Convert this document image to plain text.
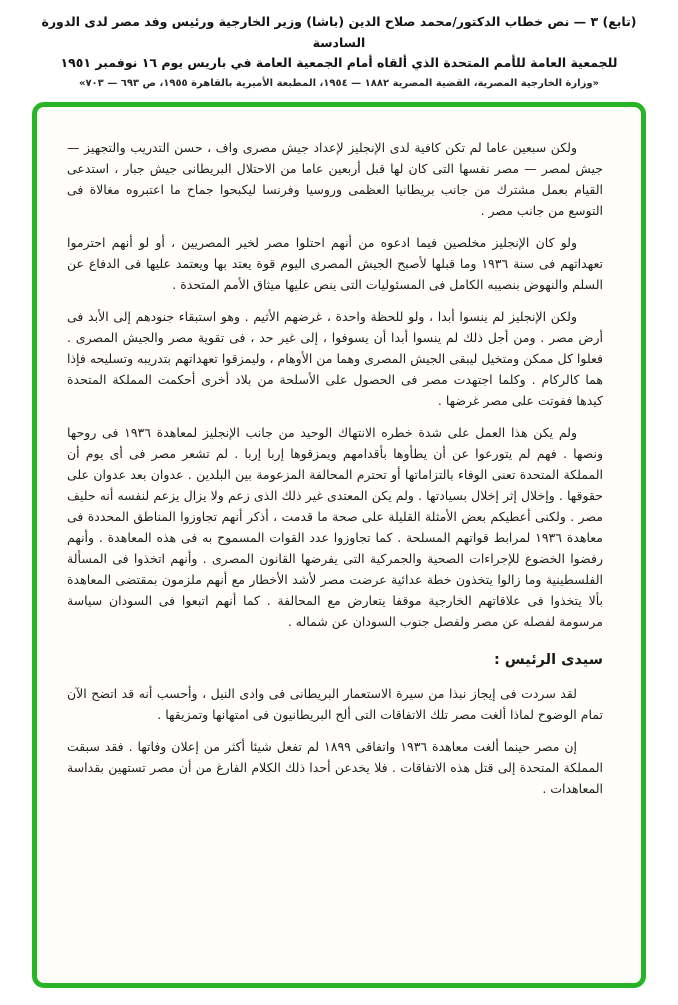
(تابع) ٣ — نص خطاب الدكتور/محمد صلاح الدين (باشا) وزير الخارجية ورئيس وفد مصر لدى الدورة السادسة
للجمعية العامة للأمم المتحدة الذي ألقاه أمام الجمعية العامة في باريس يوم ١٦ نوفمبر ١٩٥١
«وزارة الخارجية المصرية، القضية المصرية ١٨٨٢ — ١٩٥٤، المطبعة الأميرية بالقاهرة ١٩٥٥، ص ٦٩٣ — ٧٠٣»

ولكن سبعين عاما لم تكن كافية لدى الإنجليز لإعداد جيش مصرى واف ، حسن التدريب والتجهيز — جيش لمصر — مصر نفسها التى كان لها قبل أربعين عاما من الاحتلال البريطانى جيش جبار ، استدعى القيام بعمل مشترك من جانب بريطانيا العظمى وروسيا وفرنسا ليكبحوا جماح ما اعتبروه مغالاة فى التوسع من جانب مصر .

ولو كان الإنجليز مخلصين فيما ادعوه من أنهم احتلوا مصر لخير المصريين ، أو لو أنهم احترموا تعهداتهم فى سنة ١٩٣٦ وما قبلها لأصبح الجيش المصرى اليوم قوة يعتد بها ويعتمد عليها فى الدفاع عن السلم والنهوض بنصيبه الكامل فى المسئوليات التى ينص عليها ميثاق الأمم المتحدة .

ولكن الإنجليز لم ينسوا أبدا ، ولو للحظة واحدة ، غرضهم الأثيم . وهو استبقاء جنودهم إلى الأبد فى أرض مصر . ومن أجل ذلك لم ينسوا أبدا أن يسوفوا ، إلى غير حد ، فى تقوية مصر والجيش المصرى . فعلوا كل ممكن ومتخيل ليبقى الجيش المصرى وهما من الأوهام ، وليمزقوا تعهداتهم بتدريبه وتسليحه فإذا هما كالركام . وكلما اجتهدت مصر فى الحصول على الأسلحة من بلاد أخرى أحكمت المملكة المتحدة كيدها ففوتت على مصر غرضها .

ولم يكن هذا العمل على شدة خطره الانتهاك الوحيد من جانب الإنجليز لمعاهدة ١٩٣٦ فى روحها ونصها . فهم لم يتورعوا عن أن يطأوها بأقدامهم ويمزقوها إربا إربا . لم تشعر مصر فى أى يوم أن المملكة المتحدة تعنى الوفاء بالتزاماتها أو تحترم المحالفة المزعومة بين البلدين . عدوان بعد عدوان على حقوقها . وإخلال إثر إخلال بسيادتها . ولم يكن المعتدى غير ذلك الذى زعم ولا يزال يزعم لنفسه أنه حليف مصر . ولكنى أعطيكم بعض الأمثلة القليلة على صحة ما قدمت ، أذكر أنهم تجاوزوا المناطق المحددة فى معاهدة ١٩٣٦ لمرابط قواتهم المسلحة . كما تجاوزوا عدد القوات المسموح به فى هذه المعاهدة . وأنهم رفضوا الخضوع للإجراءات الصحية والجمركية التى يفرضها القانون المصرى . وأنهم اتخذوا فى المسألة الفلسطينية وما زالوا يتخذون خطة عدائية عرضت مصر لأشد الأخطار مع أنهم ملزمون بمقتضى المعاهدة بألا يتخذوا فى علاقاتهم الخارجية موقفا يتعارض مع المحالفة . كما أنهم اتبعوا فى السودان سياسة مرسومة لفصله عن مصر ولفصل جنوب السودان عن شماله .

سيدى الرئيس :

لقد سردت فى إيجاز نبذا من سيرة الاستعمار البريطانى فى وادى النيل ، وأحسب أنه قد اتضح الآن تمام الوضوح لماذا ألغت مصر تلك الاتفاقات التى ألح البريطانيون فى امتهانها وتمزيقها .

إن مصر حينما ألغت معاهدة ١٩٣٦ واتفاقى ١٨٩٩ لم تفعل شيئا أكثر من إعلان وفاتها . فقد سبقت المملكة المتحدة إلى قتل هذه الاتفاقات . فلا يخدعن أحدا ذلك الكلام الفارغ من أن مصر تستهين بقداسة المعاهدات .
